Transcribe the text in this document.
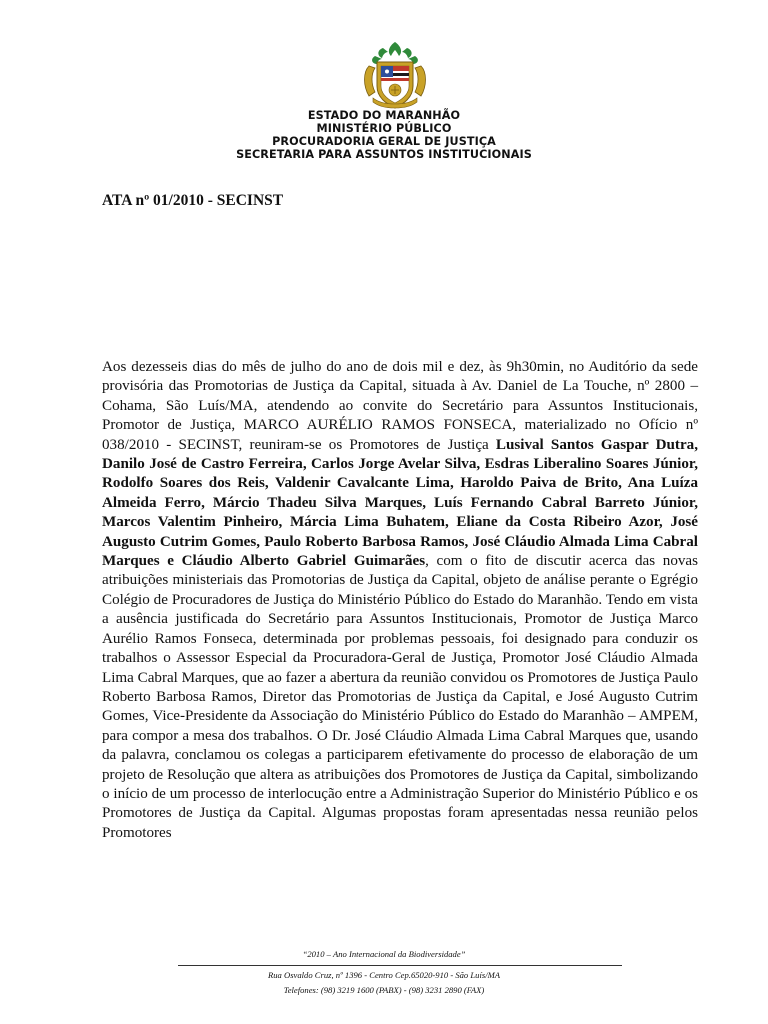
ESTADO DO MARANHÃO
MINISTÉRIO PÚBLICO
PROCURADORIA GERAL DE JUSTIÇA
SECRETARIA PARA ASSUNTOS INSTITUCIONAIS
ATA nº 01/2010 - SECINST

Aos dezesseis dias do mês de julho do ano de dois mil e dez, às 9h30min, no Auditório da sede provisória das Promotorias de Justiça da Capital, situada à Av. Daniel de La Touche, nº 2800 – Cohama, São Luís/MA, atendendo ao convite do Secretário para Assuntos Institucionais, Promotor de Justiça, MARCO AURÉLIO RAMOS FONSECA, materializado no Ofício nº 038/2010 - SECINST, reuniram-se os Promotores de Justiça Lusival Santos Gaspar Dutra, Danilo José de Castro Ferreira, Carlos Jorge Avelar Silva, Esdras Liberalino Soares Júnior, Rodolfo Soares dos Reis, Valdenir Cavalcante Lima, Haroldo Paiva de Brito, Ana Luíza Almeida Ferro, Márcio Thadeu Silva Marques, Luís Fernando Cabral Barreto Júnior, Marcos Valentim Pinheiro, Márcia Lima Buhatem, Eliane da Costa Ribeiro Azor, José Augusto Cutrim Gomes, Paulo Roberto Barbosa Ramos, José Cláudio Almada Lima Cabral Marques e Cláudio Alberto Gabriel Guimarães, com o fito de discutir acerca das novas atribuições ministeriais das Promotorias de Justiça da Capital, objeto de análise perante o Egrégio Colégio de Procuradores de Justiça do Ministério Público do Estado do Maranhão. Tendo em vista a ausência justificada do Secretário para Assuntos Institucionais, Promotor de Justiça Marco Aurélio Ramos Fonseca, determinada por problemas pessoais, foi designado para conduzir os trabalhos o Assessor Especial da Procuradora-Geral de Justiça, Promotor José Cláudio Almada Lima Cabral Marques, que ao fazer a abertura da reunião convidou os Promotores de Justiça Paulo Roberto Barbosa Ramos, Diretor das Promotorias de Justiça da Capital, e José Augusto Cutrim Gomes, Vice-Presidente da Associação do Ministério Público do Estado do Maranhão – AMPEM, para compor a mesa dos trabalhos. O Dr. José Cláudio Almada Lima Cabral Marques que, usando da palavra, conclamou os colegas a participarem efetivamente do processo de elaboração de um projeto de Resolução que altera as atribuições dos Promotores de Justiça da Capital, simbolizando o início de um processo de interlocução entre a Administração Superior do Ministério Público e os Promotores de Justiça da Capital. Algumas propostas foram apresentadas nessa reunião pelos Promotores

“2010 – Ano Internacional da Biodiversidade”
Rua Osvaldo Cruz, nº 1396 - Centro Cep.65020-910 - São Luís/MA
Telefones: (98) 3219 1600 (PABX) - (98) 3231 2890 (FAX)
